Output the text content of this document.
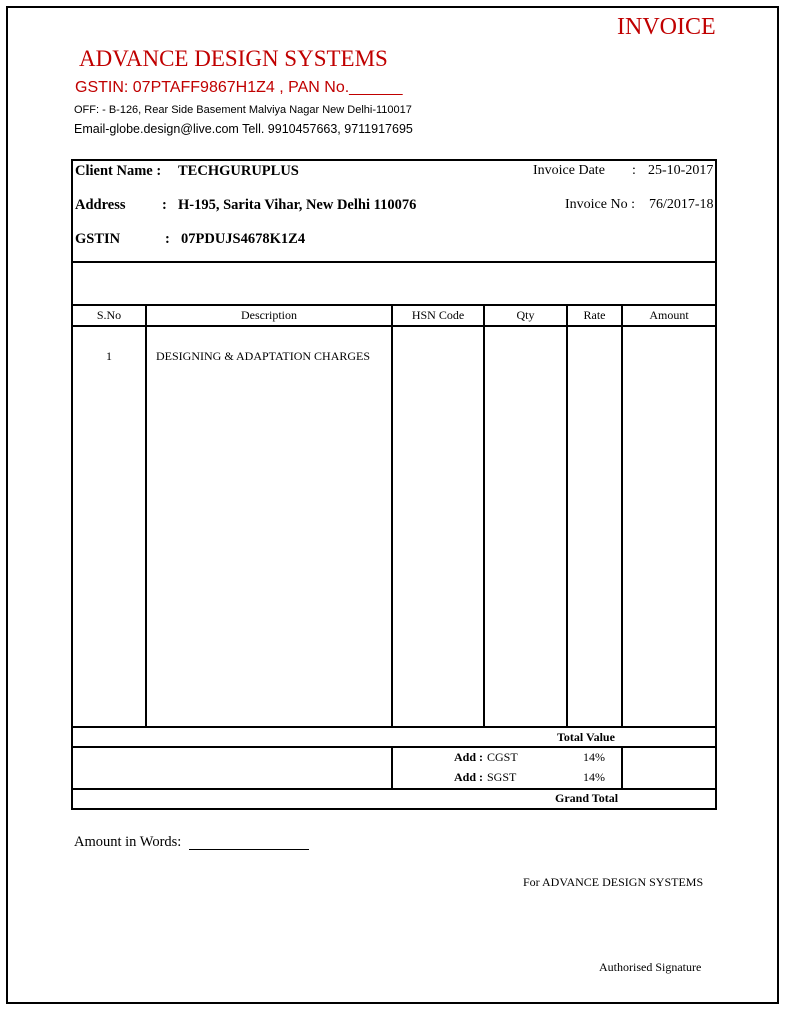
INVOICE
ADVANCE DESIGN SYSTEMS
GSTIN: 07PTAFF9867H1Z4 , PAN No.______
OFF: - B-126, Rear Side Basement Malviya Nagar New Delhi-110017
Email-globe.design@live.com Tell. 9910457663, 9711917695
Client Name : TECHGURUPLUS
Address	: H-195, Sarita Vihar, New Delhi 110076
GSTIN	: 07PDUJS4678K1Z4
Invoice Date : 25-10-2017
Invoice No : 76/2017-18
S.No	Description	HSN Code	Qty	Rate	Amount
1	DESIGNING & ADAPTATION CHARGES
Total Value
Add : CGST	14%
Add : SGST	14%
Grand Total
Amount in Words:
For ADVANCE DESIGN SYSTEMS
Authorised Signature
